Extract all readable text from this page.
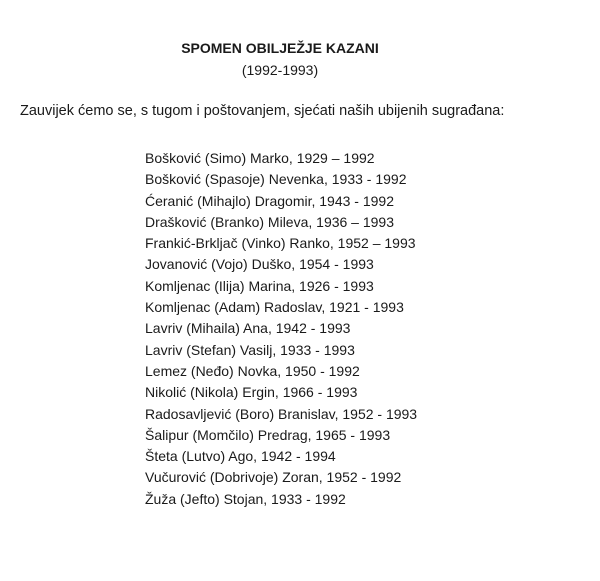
SPOMEN OBILJEŽJE KAZANI
(1992-1993)
Zauvijek ćemo se, s tugom i poštovanjem, sjećati naših ubijenih sugrađana:
Bošković (Simo) Marko, 1929 – 1992
Bošković (Spasoje) Nevenka, 1933 - 1992
Ćeranić (Mihajlo) Dragomir, 1943 - 1992
Drašković (Branko) Mileva, 1936 – 1993
Frankić-Brkljač (Vinko) Ranko, 1952 – 1993
Jovanović (Vojo) Duško, 1954 - 1993
Komljenac (Ilija) Marina, 1926 - 1993
Komljenac (Adam) Radoslav, 1921 - 1993
Lavriv (Mihaila) Ana, 1942 - 1993
Lavriv (Stefan) Vasilj, 1933 - 1993
Lemez (Neđo) Novka, 1950 - 1992
Nikolić (Nikola) Ergin, 1966 - 1993
Radosavljević (Boro) Branislav, 1952 - 1993
Šalipur (Momčilo) Predrag, 1965 - 1993
Šteta (Lutvo) Ago, 1942 - 1994
Vučurović (Dobrivoje) Zoran, 1952 - 1992
Žuža (Jefto) Stojan, 1933 - 1992
